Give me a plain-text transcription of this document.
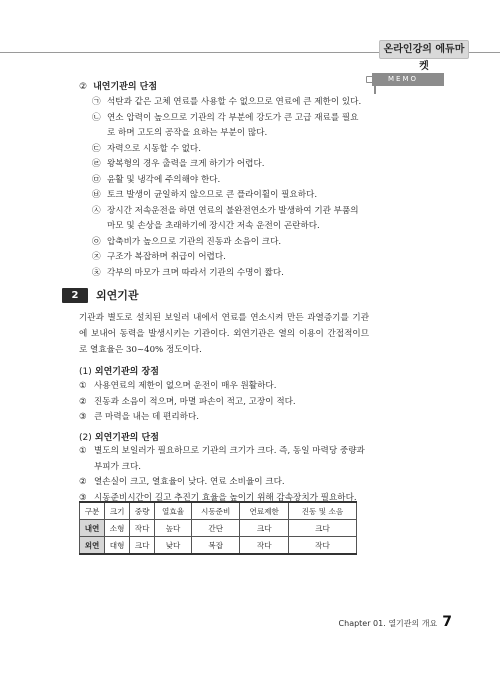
온라인강의 에듀마켓
MEMO
② 내연기관의 단점
㉠ 석탄과 같은 고체 연료를 사용할 수 없으므로 연료에 큰 제한이 있다.
㉡ 연소 압력이 높으므로 기관의 각 부분에 강도가 큰 고급 재료를 필요로 하며 고도의 공작을 요하는 부분이 많다.
㉢ 자력으로 시동할 수 없다.
㉣ 왕복형의 경우 출력을 크게 하기가 어렵다.
㉤ 윤활 및 냉각에 주의해야 한다.
㉥ 토크 발생이 균일하지 않으므로 큰 플라이휠이 필요하다.
㉦ 장시간 저속운전을 하면 연료의 불완전연소가 발생하여 기관 부품의 마모 및 손상을 초래하기에 장시간 저속 운전이 곤란하다.
㉧ 압축비가 높으므로 기관의 진동과 소음이 크다.
㉨ 구조가 복잡하며 취급이 어렵다.
㉩ 각부의 마모가 크며 따라서 기관의 수명이 짧다.
2	외연기관
기관과 별도로 설치된 보일러 내에서 연료를 연소시켜 만든 과열증기를 기관에 보내어 동력을 발생시키는 기관이다. 외연기관은 열의 이용이 간접적이므로 열효율은 30~40% 정도이다.
(1) 외연기관의 장점
① 사용연료의 제한이 없으며 운전이 매우 원활하다.
② 진동과 소음이 적으며, 마멸 파손이 적고, 고장이 적다.
③ 큰 마력을 내는 데 편리하다.
(2) 외연기관의 단점
① 별도의 보일러가 필요하므로 기관의 크기가 크다. 즉, 동일 마력당 중량과 부피가 크다.
② 열손실이 크고, 열효율이 낮다. 연료 소비율이 크다.
③ 시동준비시간이 길고 추진기 효율을 높이기 위해 감속장치가 필요하다.
구분	크기	중량	열효율	시동준비	연료제한	진동 및 소음
내연	소형	작다	높다	간단	크다	크다
외연	대형	크다	낮다	복잡	작다	작다
Chapter 01. 열기관의 개요 7
